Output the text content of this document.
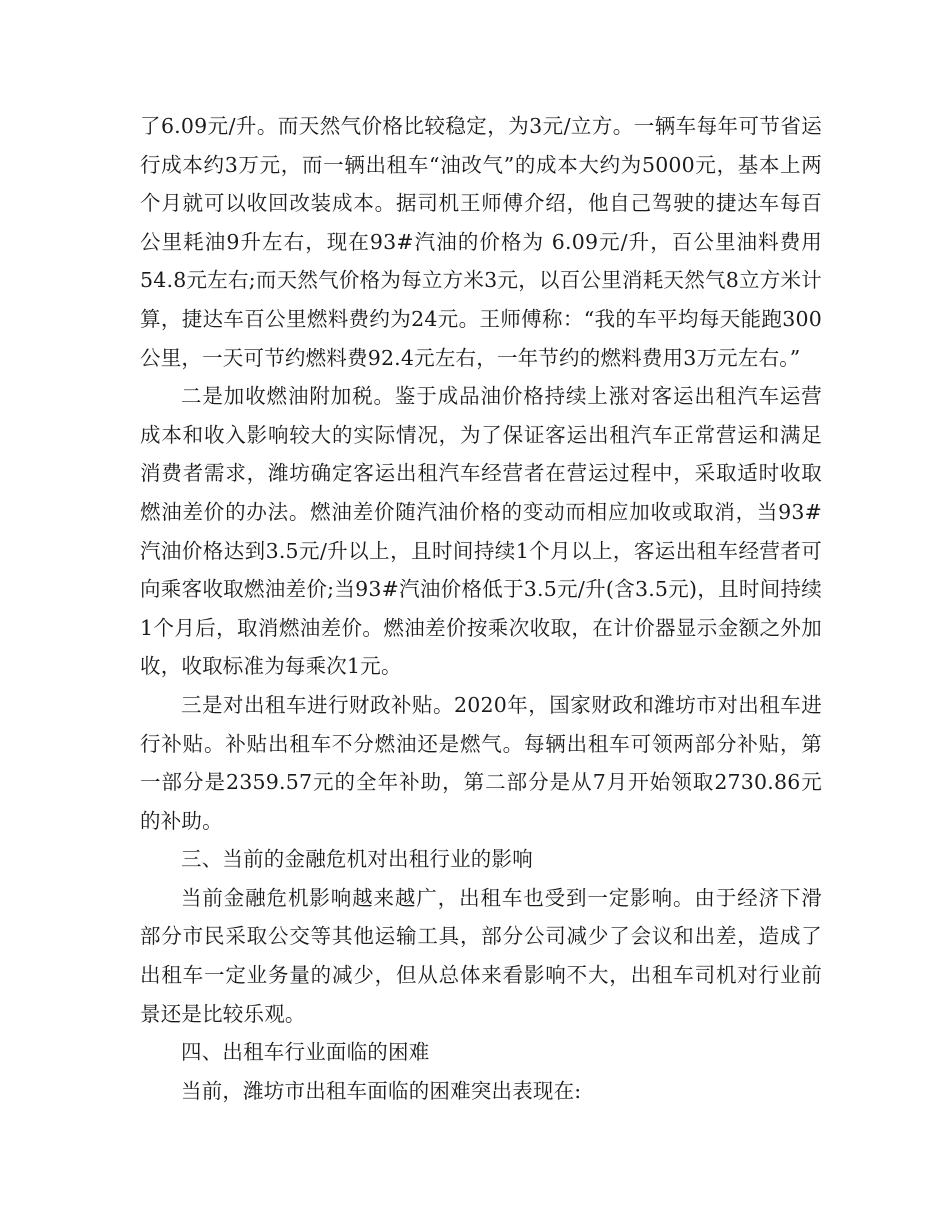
了6.09元/升。而天然气价格比较稳定，为3元/立方。一辆车每年可节省运行成本约3万元，而一辆出租车“油改气”的成本大约为5000元，基本上两个月就可以收回改装成本。据司机王师傅介绍，他自己驾驶的捷达车每百公里耗油9升左右，现在93#汽油的价格为 6.09元/升，百公里油料费用54.8元左右;而天然气价格为每立方米3元，以百公里消耗天然气8立方米计算，捷达车百公里燃料费约为24元。王师傅称：“我的车平均每天能跑300公里，一天可节约燃料费92.4元左右，一年节约的燃料费用3万元左右。”

二是加收燃油附加税。鉴于成品油价格持续上涨对客运出租汽车运营成本和收入影响较大的实际情况，为了保证客运出租汽车正常营运和满足消费者需求，潍坊确定客运出租汽车经营者在营运过程中，采取适时收取燃油差价的办法。燃油差价随汽油价格的变动而相应加收或取消，当93#汽油价格达到3.5元/升以上，且时间持续1个月以上，客运出租车经营者可向乘客收取燃油差价;当93#汽油价格低于3.5元/升(含3.5元)，且时间持续1个月后，取消燃油差价。燃油差价按乘次收取，在计价器显示金额之外加收，收取标准为每乘次1元。

三是对出租车进行财政补贴。2020年，国家财政和潍坊市对出租车进行补贴。补贴出租车不分燃油还是燃气。每辆出租车可领两部分补贴，第一部分是2359.57元的全年补助，第二部分是从7月开始领取2730.86元的补助。

三、当前的金融危机对出租行业的影响

当前金融危机影响越来越广，出租车也受到一定影响。由于经济下滑部分市民采取公交等其他运输工具，部分公司减少了会议和出差，造成了出租车一定业务量的减少，但从总体来看影响不大，出租车司机对行业前景还是比较乐观。

四、出租车行业面临的困难

当前，潍坊市出租车面临的困难突出表现在:
